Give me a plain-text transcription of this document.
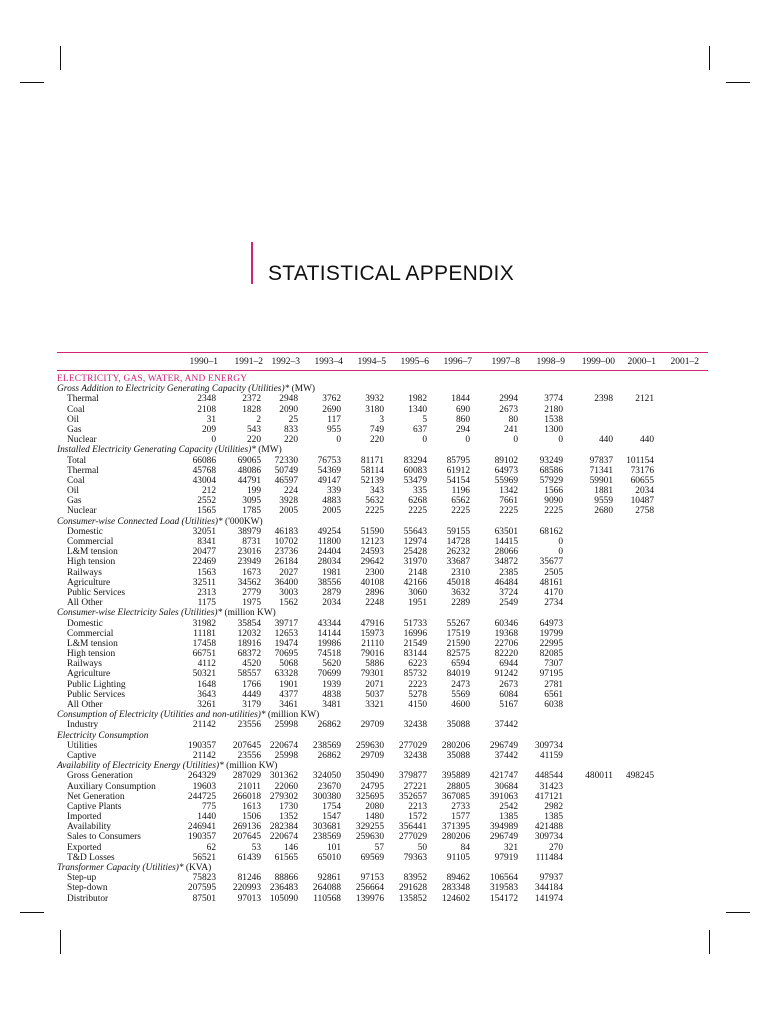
STATISTICAL APPENDIX
1990–1 1991–2 1992–3 1993–4 1994–5 1995–6 1996–7 1997–8 1998–9 1999–00 2000–1 2001–2
ELECTRICITY, GAS, WATER, AND ENERGY												
Gross Addition to Electricity Generating Capacity (Utilities)* (MW)												
Thermal	2348	2372	2948	3762	3932	1982	1844	2994	3774	2398	2121	
Coal	2108	1828	2090	2690	3180	1340	690	2673	2180			
Oil	31	2	25	117	3	5	860	80	1538			
Gas	209	543	833	955	749	637	294	241	1300			
Nuclear	0	220	220	0	220	0	0	0	0	440	440	
Installed Electricity Generating Capacity (Utilities)* (MW)												
Total	66086	69065	72330	76753	81171	83294	85795	89102	93249	97837	101154	
Thermal	45768	48086	50749	54369	58114	60083	61912	64973	68586	71341	73176	
Coal	43004	44791	46597	49147	52139	53479	54154	55969	57929	59901	60655	
Oil	212	199	224	339	343	335	1196	1342	1566	1881	2034	
Gas	2552	3095	3928	4883	5632	6268	6562	7661	9090	9559	10487	
Nuclear	1565	1785	2005	2005	2225	2225	2225	2225	2225	2680	2758	
Consumer-wise Connected Load (Utilities)* ('000KW)												
Domestic	32051	38979	46183	49254	51590	55643	59155	63501	68162			
Commercial	8341	8731	10702	11800	12123	12974	14728	14415	0			
L&M tension	20477	23016	23736	24404	24593	25428	26232	28066	0			
High tension	22469	23949	26184	28034	29642	31970	33687	34872	35677			
Railways	1563	1673	2027	1981	2300	2148	2310	2385	2505			
Agriculture	32511	34562	36400	38556	40108	42166	45018	46484	48161			
Public Services	2313	2779	3003	2879	2896	3060	3632	3724	4170			
All Other	1175	1975	1562	2034	2248	1951	2289	2549	2734			
Consumer-wise Electricity Sales (Utilities)* (million KW)												
Domestic	31982	35854	39717	43344	47916	51733	55267	60346	64973			
Commercial	11181	12032	12653	14144	15973	16996	17519	19368	19799			
L&M tension	17458	18916	19474	19986	21110	21549	21590	22706	22995			
High tension	66751	68372	70695	74518	79016	83144	82575	82220	82085			
Railways	4112	4520	5068	5620	5886	6223	6594	6944	7307			
Agriculture	50321	58557	63328	70699	79301	85732	84019	91242	97195			
Public Lighting	1648	1766	1901	1939	2071	2223	2473	2673	2781			
Public Services	3643	4449	4377	4838	5037	5278	5569	6084	6561			
All Other	3261	3179	3461	3481	3321	4150	4600	5167	6038			
Consumption of Electricity (Utilities and non-utilities)* (million KW)												
Industry	21142	23556	25998	26862	29709	32438	35088	37442				
Electricity Consumption												
Utilities	190357	207645	220674	238569	259630	277029	280206	296749	309734			
Captive	21142	23556	25998	26862	29709	32438	35088	37442	41159			
Availability of Electricity Energy (Utilities)* (million KW)												
Gross Generation	264329	287029	301362	324050	350490	379877	395889	421747	448544	480011	498245	
Auxiliary Consumption	19603	21011	22060	23670	24795	27221	28805	30684	31423			
Net Generation	244725	266018	279302	300380	325695	352657	367085	391063	417121			
Captive Plants	775	1613	1730	1754	2080	2213	2733	2542	2982			
Imported	1440	1506	1352	1547	1480	1572	1577	1385	1385			
Availability	246941	269136	282384	303681	329255	356441	371395	394989	421488			
Sales to Consumers	190357	207645	220674	238569	259630	277029	280206	296749	309734			
Exported	62	53	146	101	57	50	84	321	270			
T&D Losses	56521	61439	61565	65010	69569	79363	91105	97919	111484			
Transformer Capacity (Utilities)* (KVA)												
Step-up	75823	81246	88866	92861	97153	83952	89462	106564	97937			
Step-down	207595	220993	236483	264088	256664	291628	283348	319583	344184			
Distributor	87501	97013	105090	110568	139976	135852	124602	154172	141974			
